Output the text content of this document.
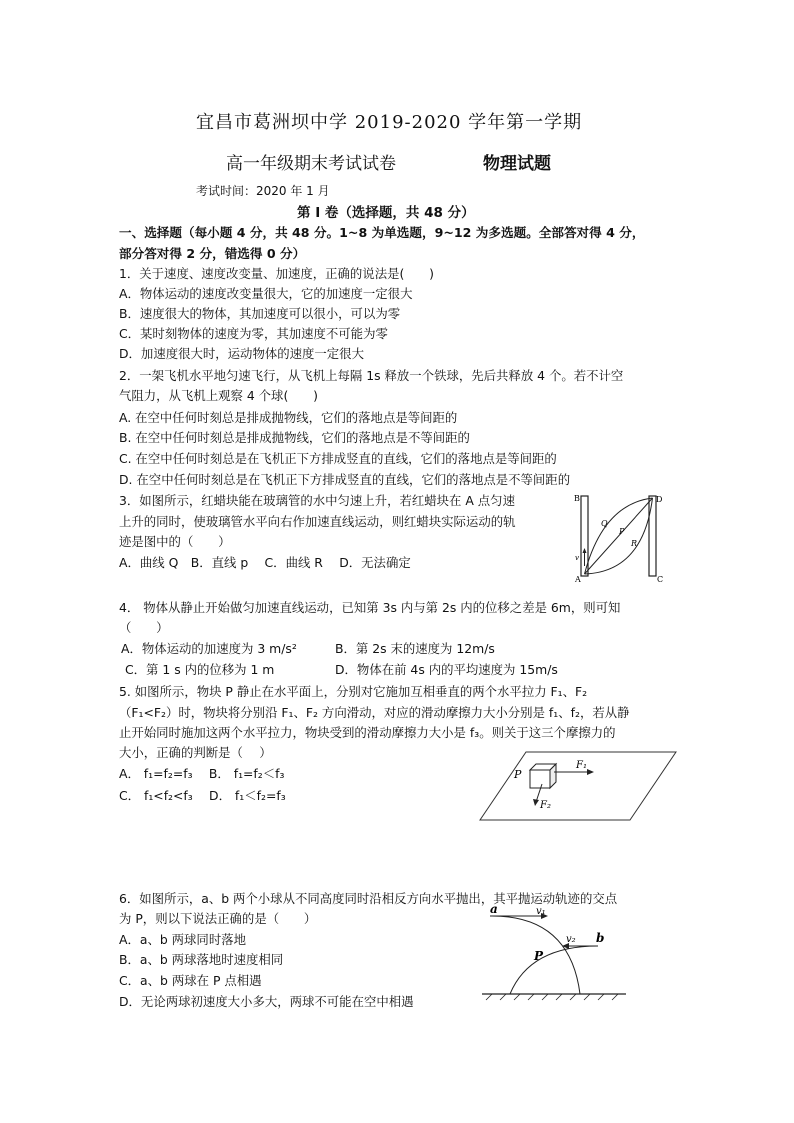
宜昌市葛洲坝中学 2019-2020 学年第一学期
高一年级期末考试试卷	物理试题
考试时间：2020 年 1 月
第 I 卷（选择题，共 48 分）
一、选择题（每小题 4 分，共 48 分。1~8 为单选题，9~12 为多选题。全部答对得 4 分，
部分答对得 2 分，错选得 0 分）
1．关于速度、速度改变量、加速度，正确的说法是(　　)
A．物体运动的速度改变量很大，它的加速度一定很大
B．速度很大的物体，其加速度可以很小，可以为零
C．某时刻物体的速度为零，其加速度不可能为零
D．加速度很大时，运动物体的速度一定很大
2．一架飞机水平地匀速飞行，从飞机上每隔 1s 释放一个铁球，先后共释放 4 个。若不计空
气阻力，从飞机上观察 4 个球(　　)
A. 在空中任何时刻总是排成抛物线，它们的落地点是等间距的
B. 在空中任何时刻总是排成抛物线，它们的落地点是不等间距的
C. 在空中任何时刻总是在飞机正下方排成竖直的直线，它们的落地点是等间距的
D. 在空中任何时刻总是在飞机正下方排成竖直的直线，它们的落地点是不等间距的
3．如图所示，红蜡块能在玻璃管的水中匀速上升，若红蜡块在 A 点匀速
上升的同时，使玻璃管水平向右作加速直线运动，则红蜡块实际运动的轨
迹是图中的（　　）
A．曲线 Q　B．直线 p　 C．曲线 R　 D．无法确定
A
B
C
D
P
Q
R
v
4． 物体从静止开始做匀加速直线运动，已知第 3s 内与第 2s 内的位移之差是 6m，则可知
（　　）
A．物体运动的加速度为 3 m/s²	B．第 2s 末的速度为 12m/s
C．第 1 s 内的位移为 1 m	D．物体在前 4s 内的平均速度为 15m/s
5. 如图所示，物块 P 静止在水平面上，分别对它施加互相垂直的两个水平拉力 F₁、F₂
（F₁<F₂）时，物块将分别沿 F₁、F₂ 方向滑动，对应的滑动摩擦力大小分别是 f₁、f₂，若从静
止开始同时施加这两个水平拉力，物块受到的滑动摩擦力大小是 f₃。则关于这三个摩擦力的
大小，正确的判断是（　 ）
A． f₁=f₂=f₃　 B． f₁=f₂＜f₃
C． f₁<f₂<f₃　 D． f₁＜f₂=f₃
P
F₁
F₂
6．如图所示，a、b 两个小球从不同高度同时沿相反方向水平抛出，其平抛运动轨迹的交点
为 P，则以下说法正确的是（　　）
A．a、b 两球同时落地
B．a、b 两球落地时速度相同
C．a、b 两球在 P 点相遇
D．无论两球初速度大小多大，两球不可能在空中相遇
a	v₁
b
v₂
P
